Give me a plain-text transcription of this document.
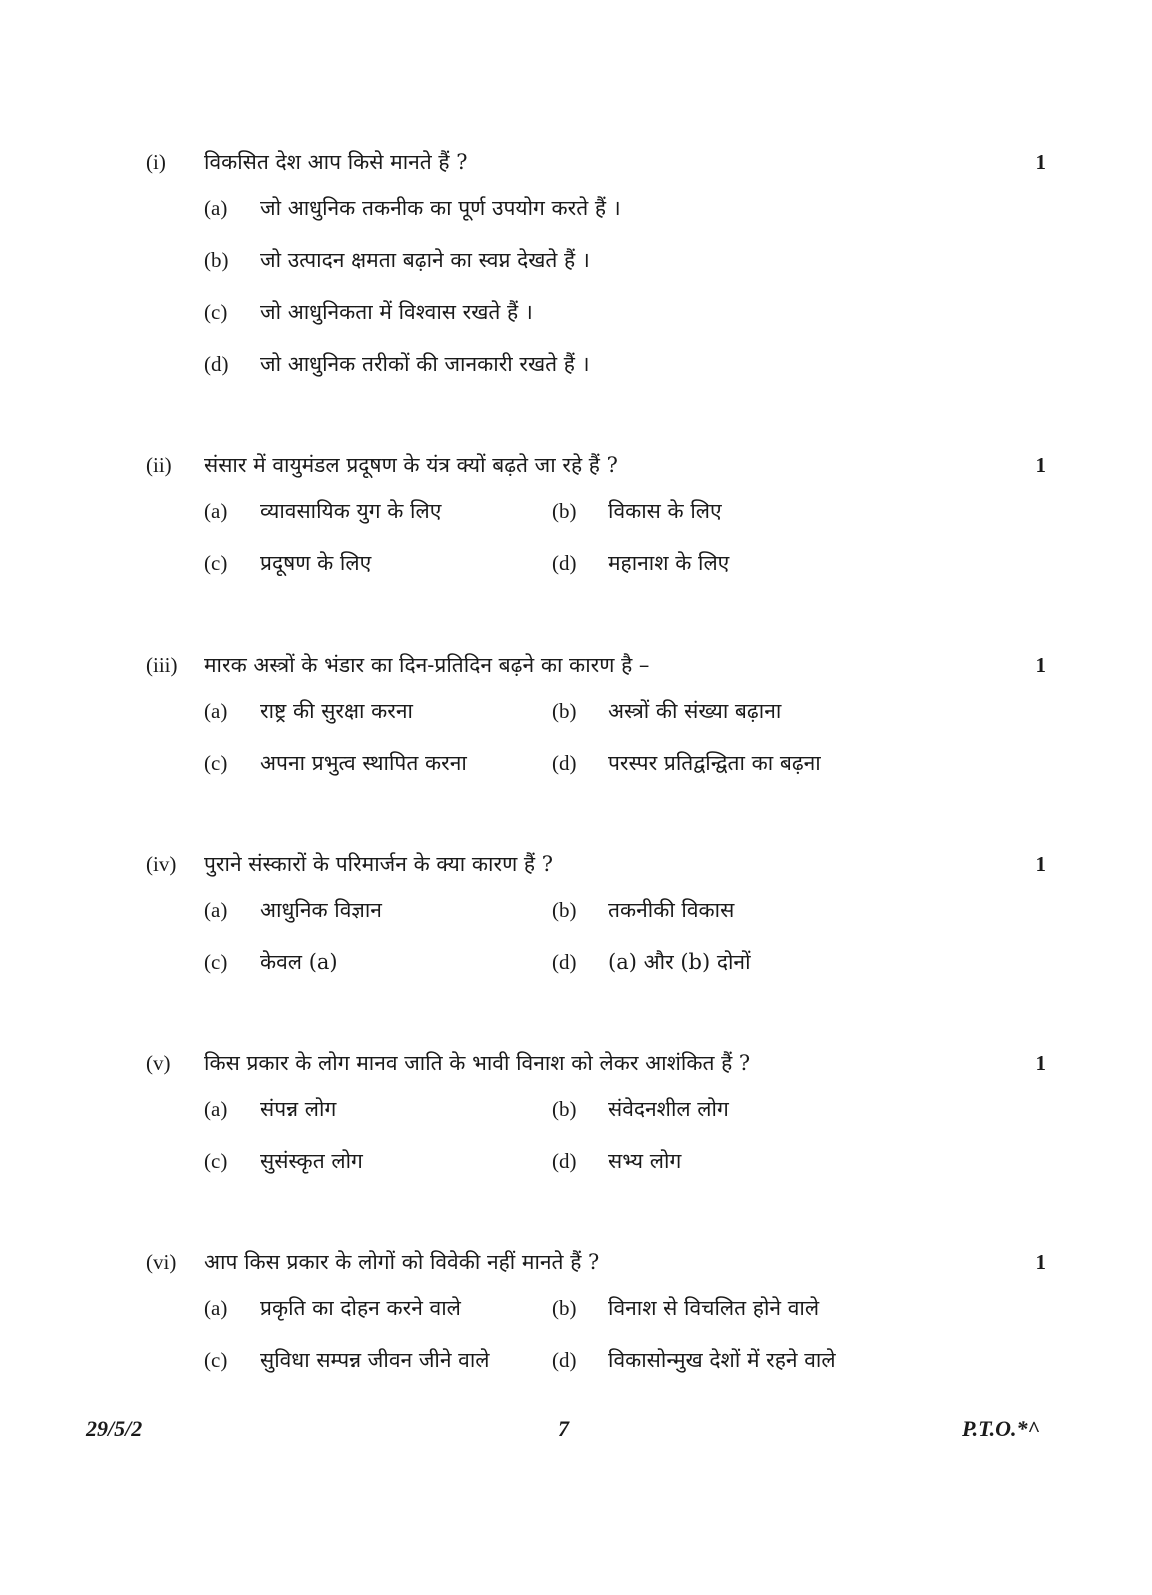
(i) विकसित देश आप किसे मानते हैं ?	1
(a) जो आधुनिक तकनीक का पूर्ण उपयोग करते हैं ।
(b) जो उत्पादन क्षमता बढ़ाने का स्वप्न देखते हैं ।
(c) जो आधुनिकता में विश्वास रखते हैं ।
(d) जो आधुनिक तरीकों की जानकारी रखते हैं ।
(ii) संसार में वायुमंडल प्रदूषण के यंत्र क्यों बढ़ते जा रहे हैं ?	1
(a) व्यावसायिक युग के लिए	(b) विकास के लिए
(c) प्रदूषण के लिए	(d) महानाश के लिए
(iii) मारक अस्त्रों के भंडार का दिन-प्रतिदिन बढ़ने का कारण है –	1
(a) राष्ट्र की सुरक्षा करना	(b) अस्त्रों की संख्या बढ़ाना
(c) अपना प्रभुत्व स्थापित करना	(d) परस्पर प्रतिद्वन्द्विता का बढ़ना
(iv) पुराने संस्कारों के परिमार्जन के क्या कारण हैं ?	1
(a) आधुनिक विज्ञान	(b) तकनीकी विकास
(c) केवल (a)	(d) (a) और (b) दोनों
(v) किस प्रकार के लोग मानव जाति के भावी विनाश को लेकर आशंकित हैं ?	1
(a) संपन्न लोग	(b) संवेदनशील लोग
(c) सुसंस्कृत लोग	(d) सभ्य लोग
(vi) आप किस प्रकार के लोगों को विवेकी नहीं मानते हैं ?	1
(a) प्रकृति का दोहन करने वाले	(b) विनाश से विचलित होने वाले
(c) सुविधा सम्पन्न जीवन जीने वाले	(d) विकासोन्मुख देशों में रहने वाले
29/5/2	7	P.T.O.*^
